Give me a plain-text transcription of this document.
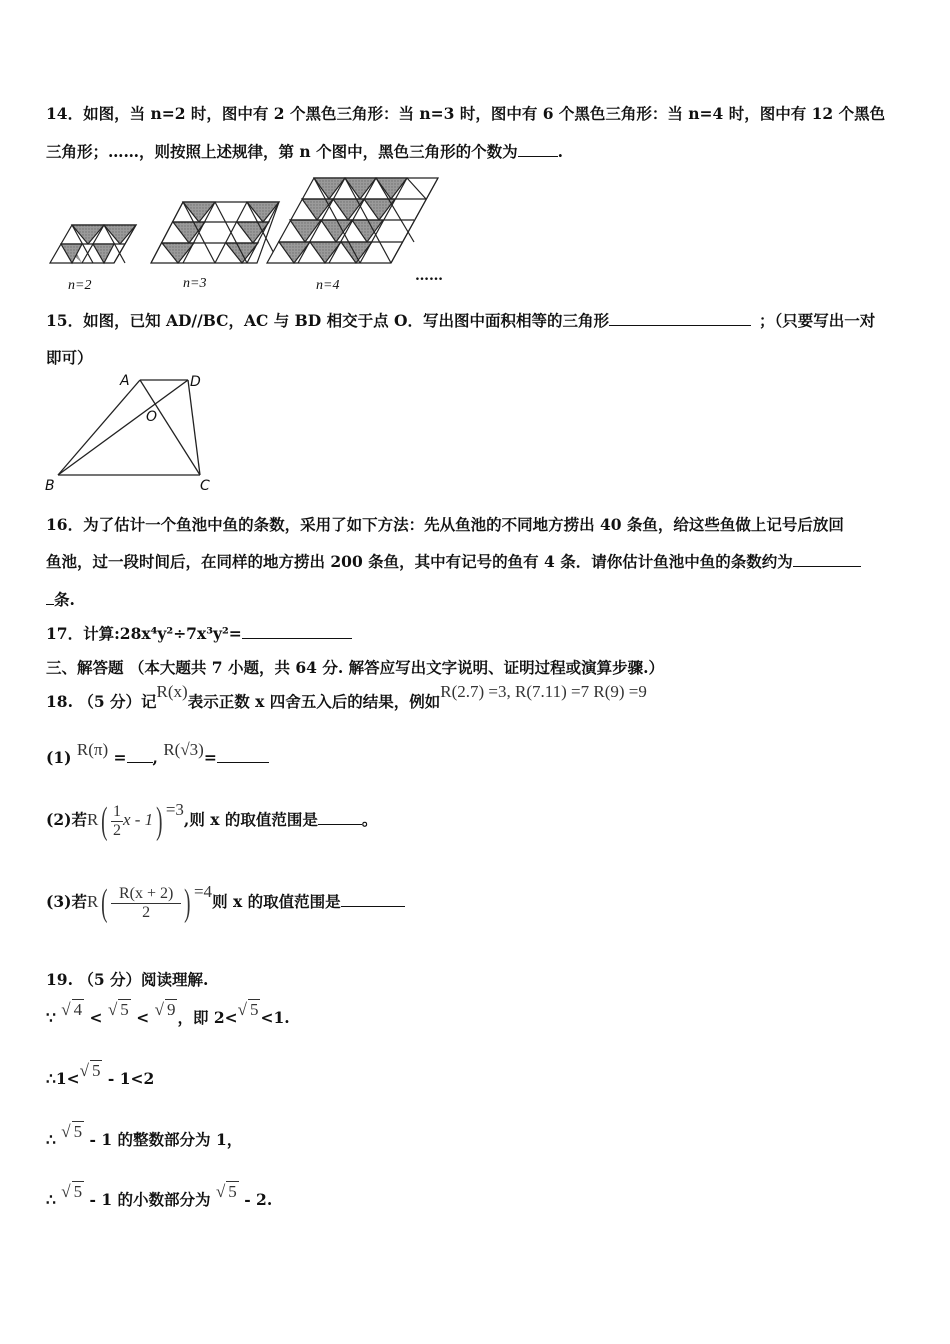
14．如图，当 n=2 时，图中有 2 个黑色三角形：当 n=3 时，图中有 6 个黑色三角形：当 n=4 时，图中有 12 个黑色
三角形；……，则按照上述规律，第 n 个图中，黑色三角形的个数为	.
n=2	n=3	n=4
……
15．如图，已知 AD//BC，AC 与 BD 相交于点 O．写出图中面积相等的三角形	；（只要写出一对
即可）
A	D
O
B	C
16．为了估计一个鱼池中鱼的条数，采用了如下方法：先从鱼池的不同地方捞出 40 条鱼，给这些鱼做上记号后放回
鱼池，过一段时间后，在同样的地方捞出 200 条鱼，其中有记号的鱼有 4 条．请你估计鱼池中鱼的条数约为
条.
17．计算:28x⁴y²÷7x³y²=
三、解答题 （本大题共 7 小题，共 64 分. 解答应写出文字说明、证明过程或演算步骤.）
18. （5 分）记R(x)表示正数 x 四舍五入后的结果，例如R(2.7) =3, R(7.11) =7 R(9) =9
(1) R(π) = , R(√3)=
(2)若$R( \frac{1}{2}$ x - 1) =3,则 x 的取值范围是	。
(3)若$R( \frac{R(x + 2)}{2}$ ) =4则 x 的取值范围是
19. （5 分）阅读理解.
∵ √ 4 < √ 5 < √ 9 ，即 2<√ 5 <1.
∴1<√ 5 - 1<2
∴ √ 5 - 1 的整数部分为 1，
∴ √ 5 - 1 的小数部分为 √ 5 - 2.
